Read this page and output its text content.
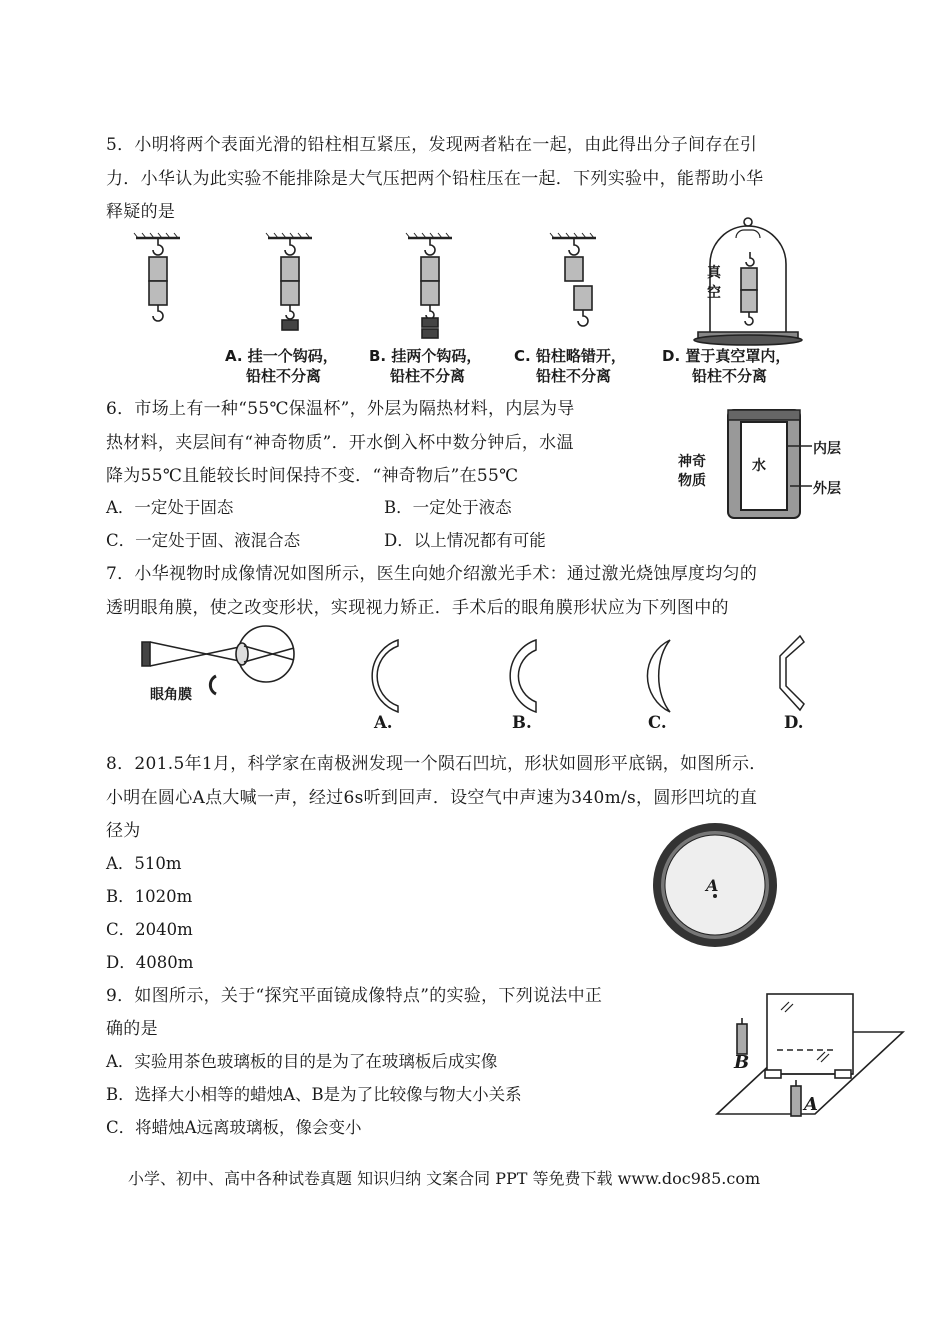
5．小明将两个表面光滑的铅柱相互紧压，发现两者粘在一起，由此得出分子间存在引
力．小华认为此实验不能排除是大气压把两个铅柱压在一起．下列实验中，能帮助小华
释疑的是
真
空
A. 挂一个钩码，
铅柱不分离
B. 挂两个钩码，
铅柱不分离
C. 铅柱略错开，
铅柱不分离
D. 置于真空罩内，
铅柱不分离
6．市场上有一种“55℃保温杯”，外层为隔热材料，内层为导
热材料，夹层间有“神奇物质”．开水倒入杯中数分钟后，水温
降为55℃且能较长时间保持不变．“神奇物后”在55℃
A．一定处于固态	B．一定处于液态
C．一定处于固、液混合态	D．以上情况都有可能
水
神奇
物质
内层
外层
7．小华视物时成像情况如图所示，医生向她介绍激光手术：通过激光烧蚀厚度均匀的
透明眼角膜，使之改变形状，实现视力矫正．手术后的眼角膜形状应为下列图中的
眼角膜
A.	B.	C.	D.
8．201.5年1月，科学家在南极洲发现一个陨石凹坑，形状如圆形平底锅，如图所示．
小明在圆心A点大喊一声，经过6s听到回声．设空气中声速为340m/s，圆形凹坑的直
径为
A．510m
B．1020m
C．2040m
D．4080m
A
9．如图所示，关于“探究平面镜成像特点”的实验，下列说法中正
确的是
A．实验用茶色玻璃板的目的是为了在玻璃板后成实像
B．选择大小相等的蜡烛A、B是为了比较像与物大小关系
C．将蜡烛A远离玻璃板，像会变小
B
A
小学、初中、高中各种试卷真题 知识归纳 文案合同 PPT 等免费下载 www.doc985.com
